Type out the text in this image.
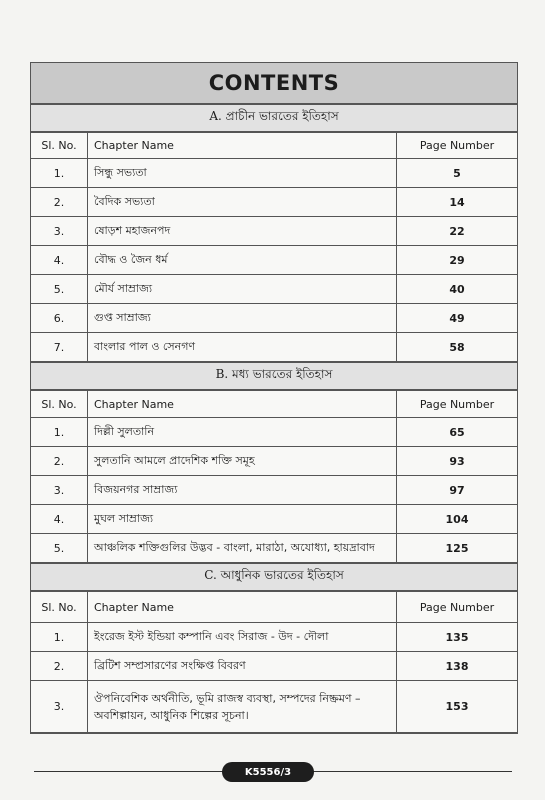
CONTENTS
A. প্রাচীন ভারতের ইতিহাস
Sl. No.	Chapter Name	Page Number
1.	সিন্ধু সভ্যতা	5
2.	বৈদিক সভ্যতা	14
3.	ষোড়শ মহাজনপদ	22
4.	বৌদ্ধ ও জৈন ধর্ম	29
5.	মৌর্য সাম্রাজ্য	40
6.	গুপ্ত সাম্রাজ্য	49
7.	বাংলার পাল ও সেনগণ	58
B. মধ্য ভারতের ইতিহাস
Sl. No.	Chapter Name	Page Number
1.	দিল্লী সুলতানি	65
2.	সুলতানি আমলে প্রাদেশিক শক্তি সমূহ	93
3.	বিজয়নগর সাম্রাজ্য	97
4.	মুঘল সাম্রাজ্য	104
5.	আঞ্চলিক শক্তিগুলির উদ্ভব - বাংলা, মারাঠা, অযোধ্যা, হায়দ্রাবাদ	125
C. আধুনিক ভারতের ইতিহাস
Sl. No.	Chapter Name	Page Number
1.	ইংরেজ ইস্ট ইন্ডিয়া কম্পানি এবং সিরাজ - উদ - দৌলা	135
2.	ব্রিটিশ সম্প্রসারণের সংক্ষিপ্ত বিবরণ	138
3.	ঔপনিবেশিক অর্থনীতি, ভূমি রাজস্ব ব্যবস্থা, সম্পদের নিষ্ক্রমণ – অবশিল্পায়ন, আধুনিক শিল্পের সূচনা।	153
K5556/3
